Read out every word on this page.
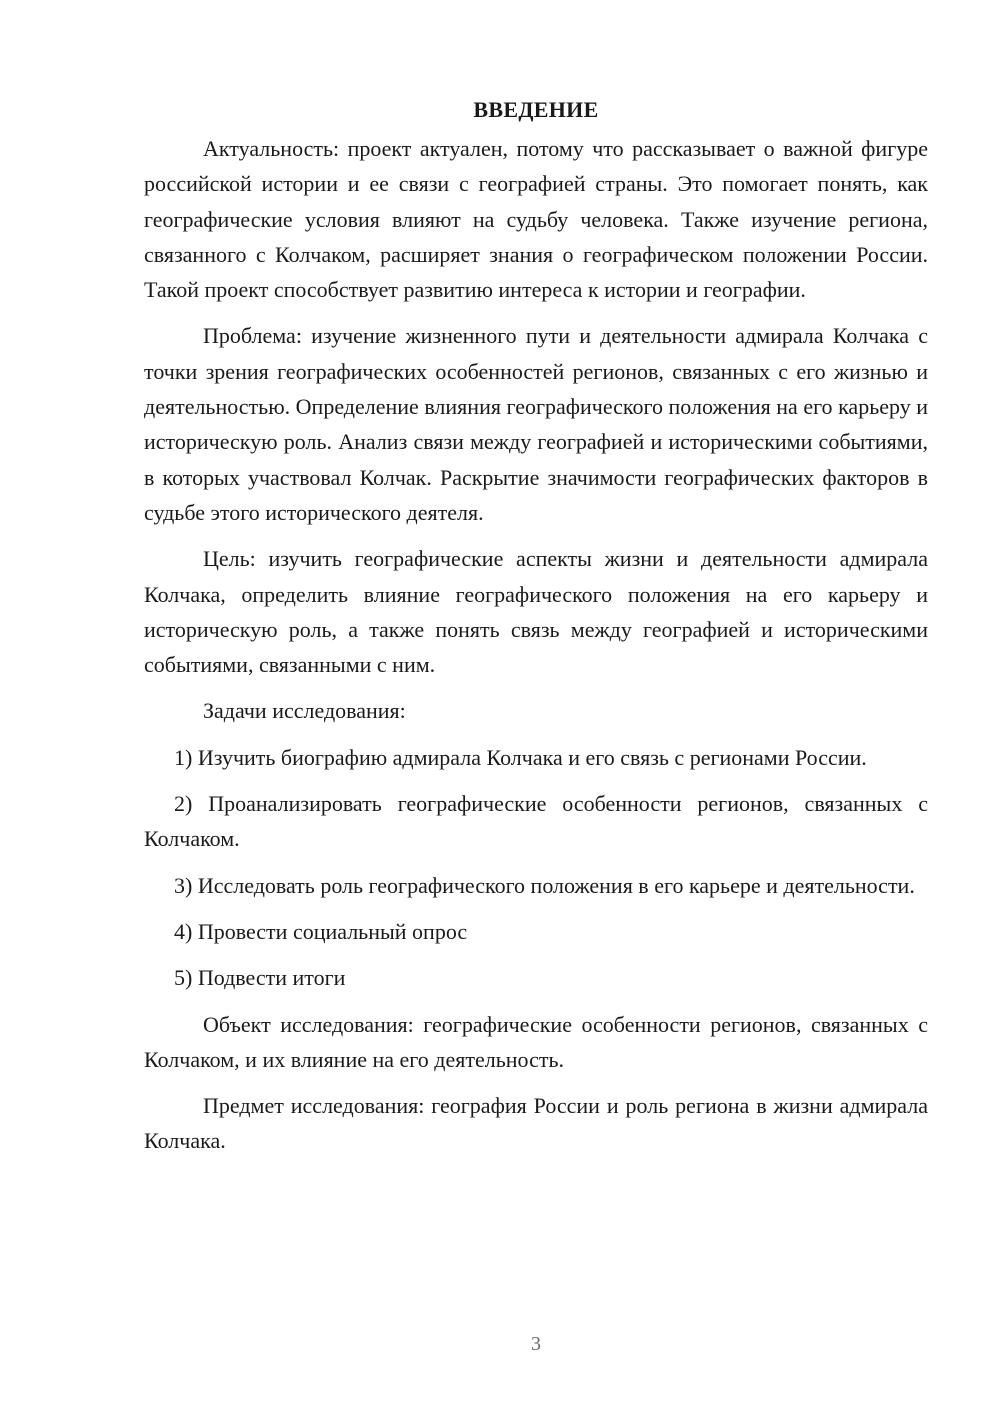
ВВЕДЕНИЕ

Актуальность: проект актуален, потому что рассказывает о важной фигуре российской истории и ее связи с географией страны. Это помогает понять, как географические условия влияют на судьбу человека. Также изучение региона, связанного с Колчаком, расширяет знания о географическом положении России. Такой проект способствует развитию интереса к истории и географии.

Проблема: изучение жизненного пути и деятельности адмирала Колчака с точки зрения географических особенностей регионов, связанных с его жизнью и деятельностью. Определение влияния географического положения на его карьеру и историческую роль. Анализ связи между географией и историческими событиями, в которых участвовал Колчак. Раскрытие значимости географических факторов в судьбе этого исторического деятеля.

Цель: изучить географические аспекты жизни и деятельности адмирала Колчака, определить влияние географического положения на его карьеру и историческую роль, а также понять связь между географией и историческими событиями, связанными с ним.

Задачи исследования:

1) Изучить биографию адмирала Колчака и его связь с регионами России.

2) Проанализировать географические особенности регионов, связанных с Колчаком.

3) Исследовать роль географического положения в его карьере и деятельности.

4) Провести социальный опрос

5) Подвести итоги

Объект исследования: географические особенности регионов, связанных с Колчаком, и их влияние на его деятельность.

Предмет исследования: география России и роль региона в жизни адмирала Колчака.

3
